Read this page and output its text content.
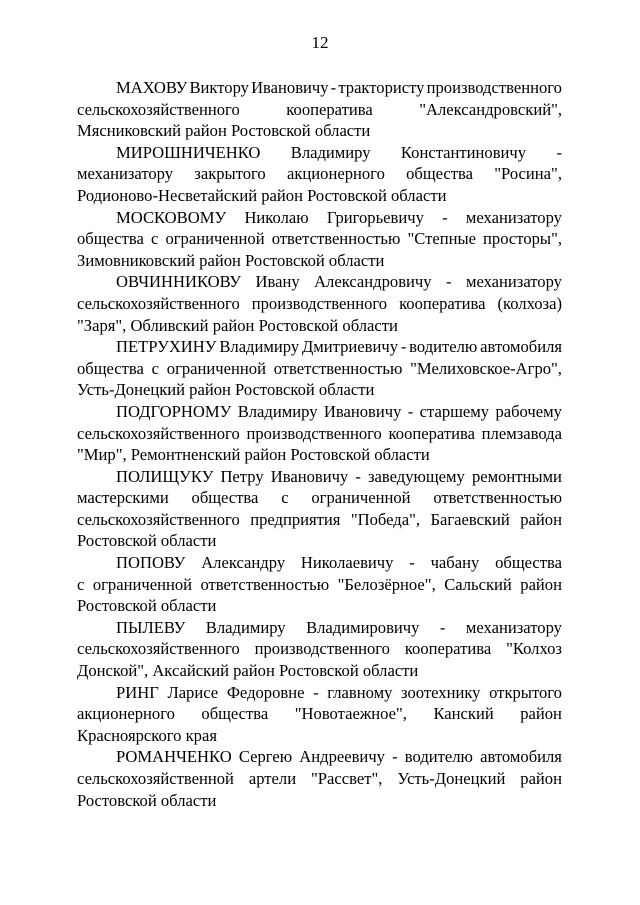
12
МАХОВУ Виктору Ивановичу - трактористу производственного
сельскохозяйственного	кооператива	"Александровский",
Мясниковский район Ростовской области
МИРОШНИЧЕНКО Владимиру Константиновичу -
механизатору закрытого акционерного общества "Росина",
Родионово-Несветайский район Ростовской области
МОСКОВОМУ Николаю Григорьевичу - механизатору
общества с ограниченной ответственностью "Степные просторы",
Зимовниковский район Ростовской области
ОВЧИННИКОВУ Ивану Александровичу - механизатору
сельскохозяйственного производственного кооператива (колхоза)
"Заря", Обливский район Ростовской области
ПЕТРУХИНУ Владимиру Дмитриевичу - водителю автомобиля
общества с ограниченной ответственностью "Мелиховское-Агро",
Усть-Донецкий район Ростовской области
ПОДГОРНОМУ Владимиру Ивановичу - старшему рабочему
сельскохозяйственного производственного кооператива племзавода
"Мир", Ремонтненский район Ростовской области
ПОЛИЩУКУ Петру Ивановичу - заведующему ремонтными
мастерскими общества с ограниченной ответственностью
сельскохозяйственного предприятия "Победа", Багаевский район
Ростовской области
ПОПОВУ Александру Николаевичу - чабану общества
с ограниченной ответственностью "Белозёрное", Сальский район
Ростовской области
ПЫЛЕВУ Владимиру Владимировичу - механизатору
сельскохозяйственного производственного кооператива "Колхоз
Донской", Аксайский район Ростовской области
РИНГ Ларисе Федоровне - главному зоотехнику открытого
акционерного общества "Новотаежное", Канский район
Красноярского края
РОМАНЧЕНКО Сергею Андреевичу - водителю автомобиля
сельскохозяйственной артели "Рассвет", Усть-Донецкий район
Ростовской области
